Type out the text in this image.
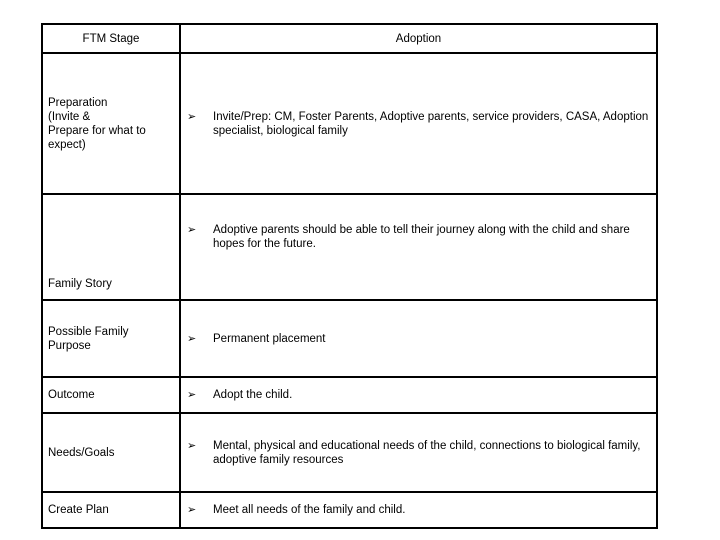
FTM Stage	Adoption

Preparation
(Invite &
Prepare for what to
expect)	➢ Invite/Prep: CM, Foster Parents, Adoptive parents, service providers, CASA, Adoption specialist, biological family

Family Story	➢ Adoptive parents should be able to tell their journey along with the child and share hopes for the future.

Possible Family
Purpose	➢ Permanent placement

Outcome	➢ Adopt the child.

Needs/Goals	➢ Mental, physical and educational needs of the child, connections to biological family, adoptive family resources

Create Plan	➢ Meet all needs of the family and child.
